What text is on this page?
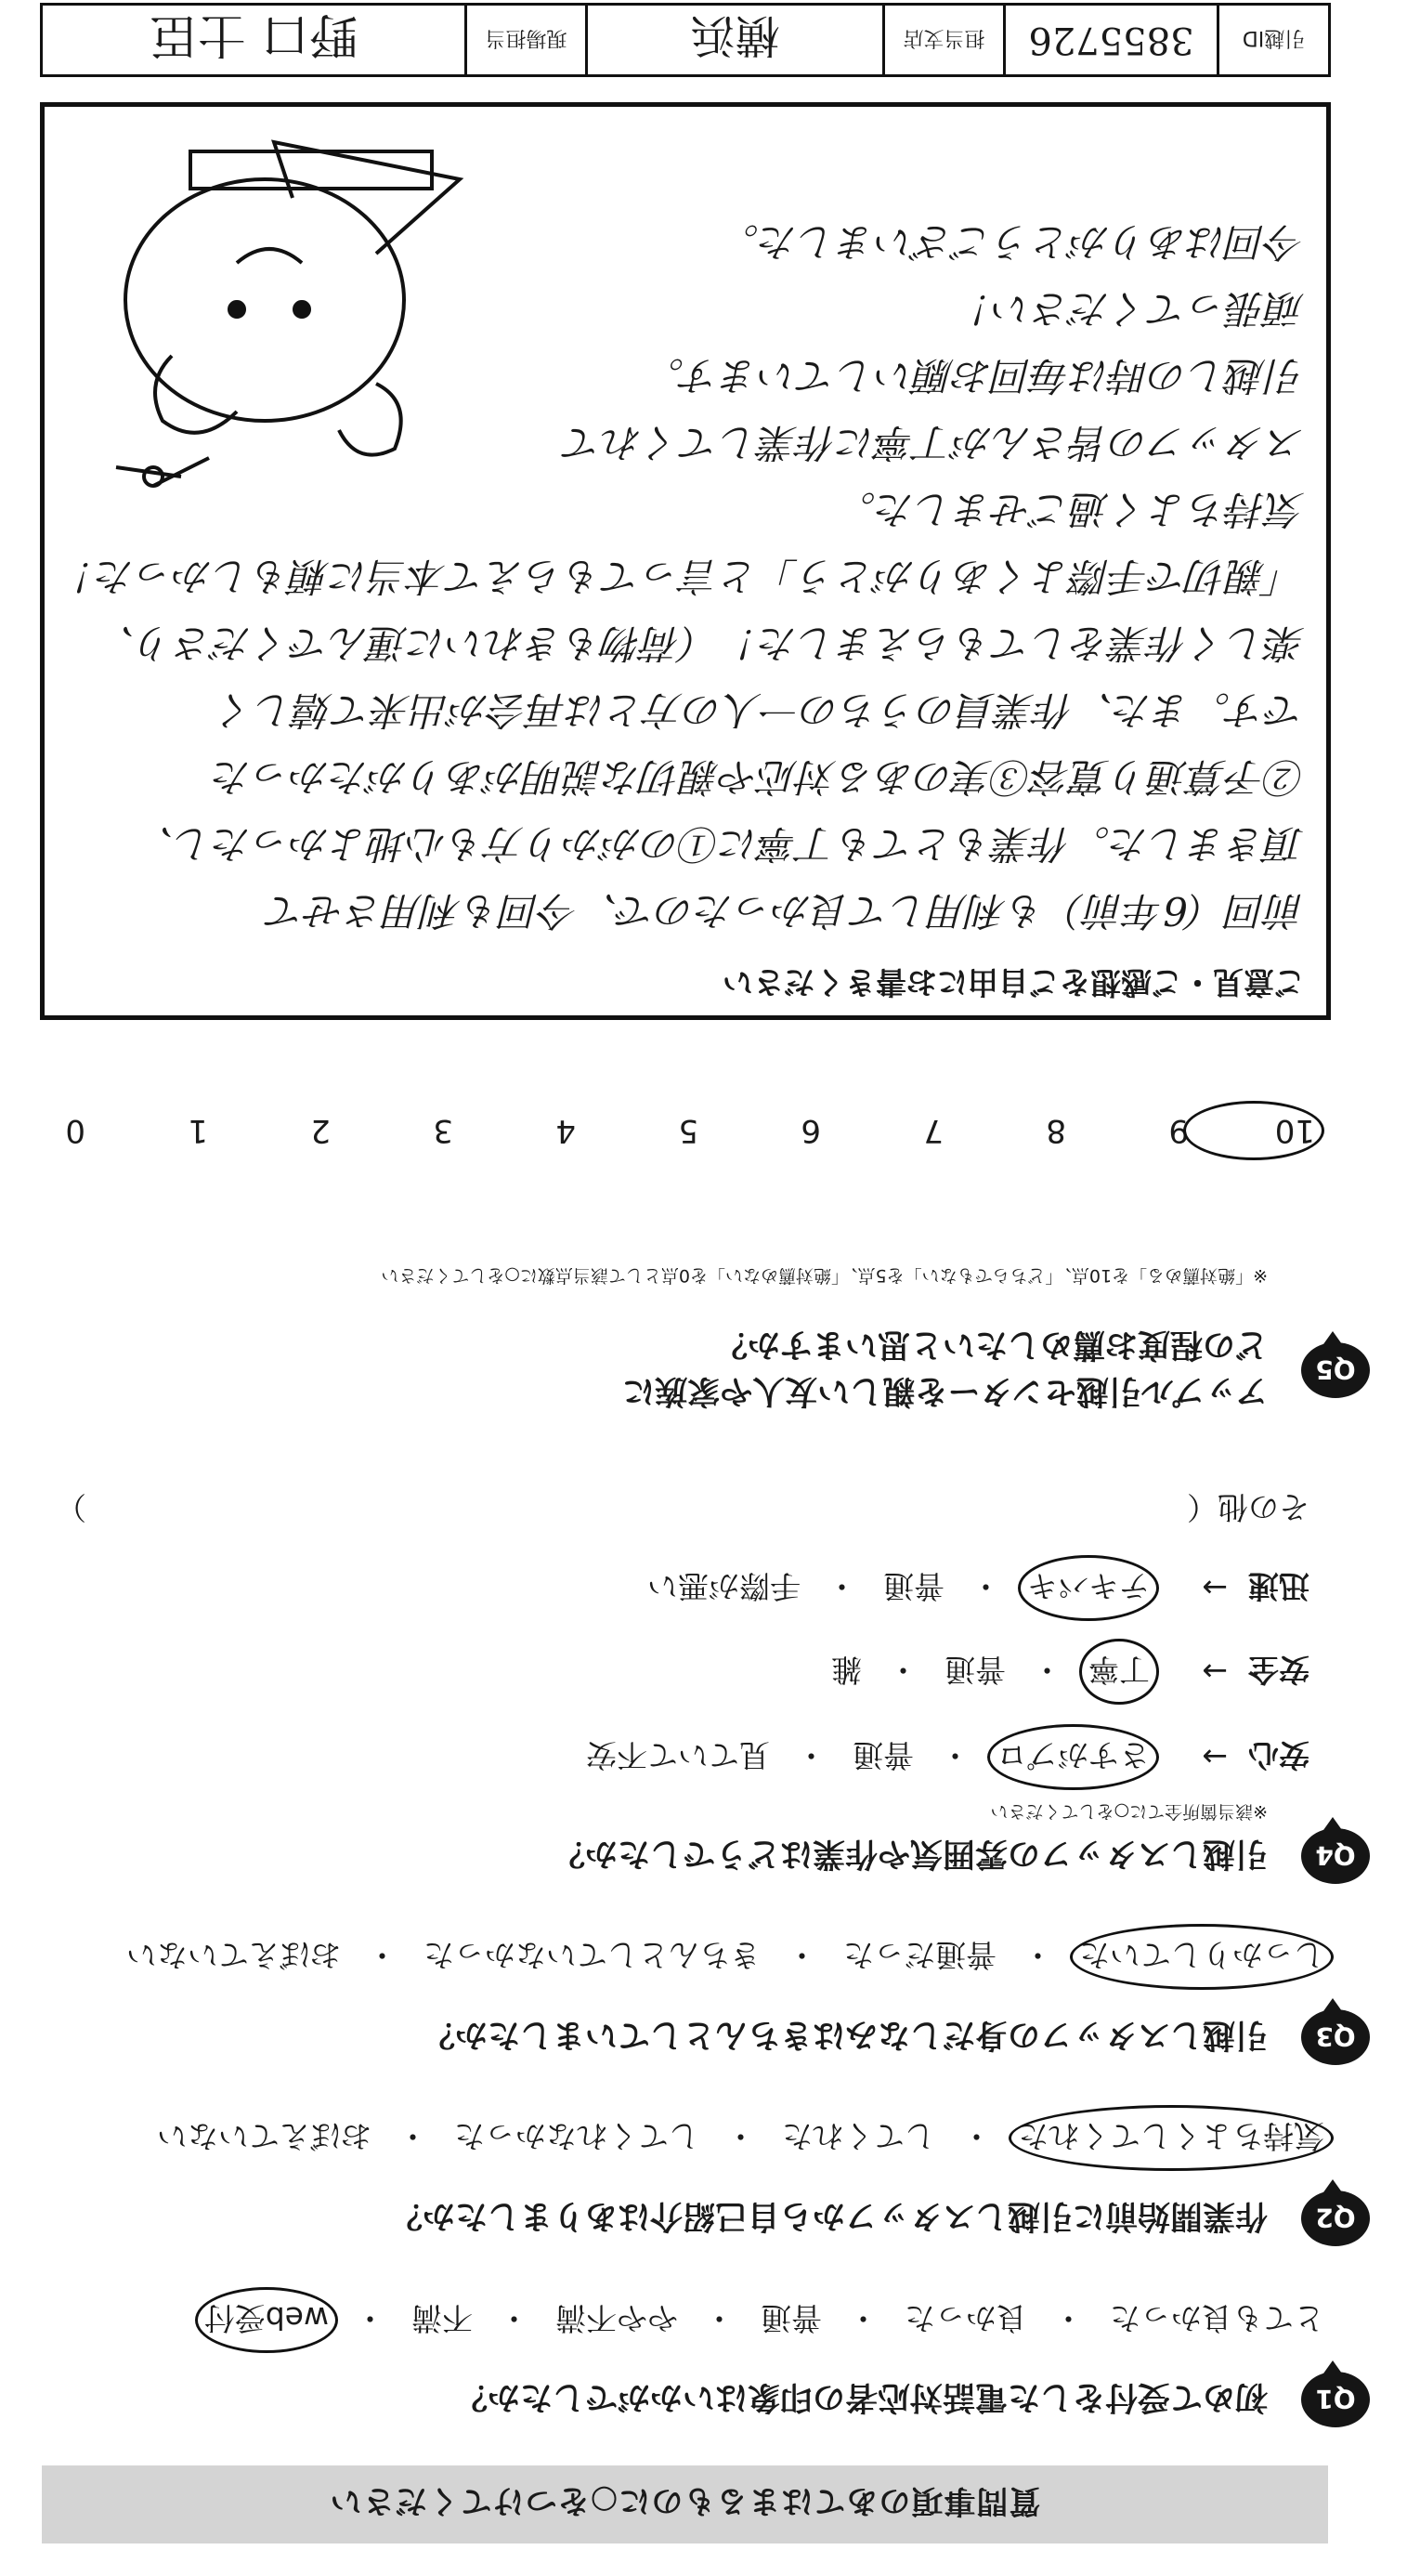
質問事項のあてはまるものに○をつけてください
Q1
初めて受付をした電話対応者の印象はいかがでしたか？
とても良かった
・
良かった
・
普通
・
やや不満
・
不満
・
web受付
Q2
作業開始前に引越しスタッフから自己紹介はありましたか？
気持ちよくしてくれた
・
してくれた
・
してくれなかった
・
おぼえていない
Q3
引越しスタッフの身だしなみはきちんとしていましたか？
しっかりしていた
・
普通だった
・
きちんとしていなかった
・
おぼえていない
Q4
引越しスタッフの雰囲気や作業はどうでしたか？
※該当箇所全てに○をしてください
安心
→
さすがプロ
・
普通
・
見ていて不安
安全
→
丁寧
・
普通
・
雑
迅速
→
テキパキ
・
普通
・
手際が悪い
その他（
）
Q5
アップル引越センターを親しい友人や家族に
どの程度お薦めしたいと思いますか？
※「絶対薦める」を10点、「どちらでもない」を5点、「絶対薦めない」を0点として該当点数に○をしてください
10
9
8
7
6
5
4
3
2
1
0
ご意見・ご感想をご自由にお書きください
前回（6年前）も利用して良かったので、今回も利用させて
頂きました。作業もとても丁寧に①のがかり方も心地よかったし、
②予算通り寛容③実のある対応や親切な説明がありがたかった
です。また、作業員のうちの一人の方とは再会が出来て嬉しく
楽しく作業をしてもらえました！（荷物もきれいに運んでくださり、
「親切で手際よくありがとう」と言ってもらえて本当に頼もしかった！
気持ちよく過ごせました。
スタッフの皆さんが丁寧に作業してくれて
引越しの時は毎回お願いしています。
頑張ってください！
今回はありがとうございました。
引越ID
3855726
担当支店
横浜
現場担当
野口 士臣
